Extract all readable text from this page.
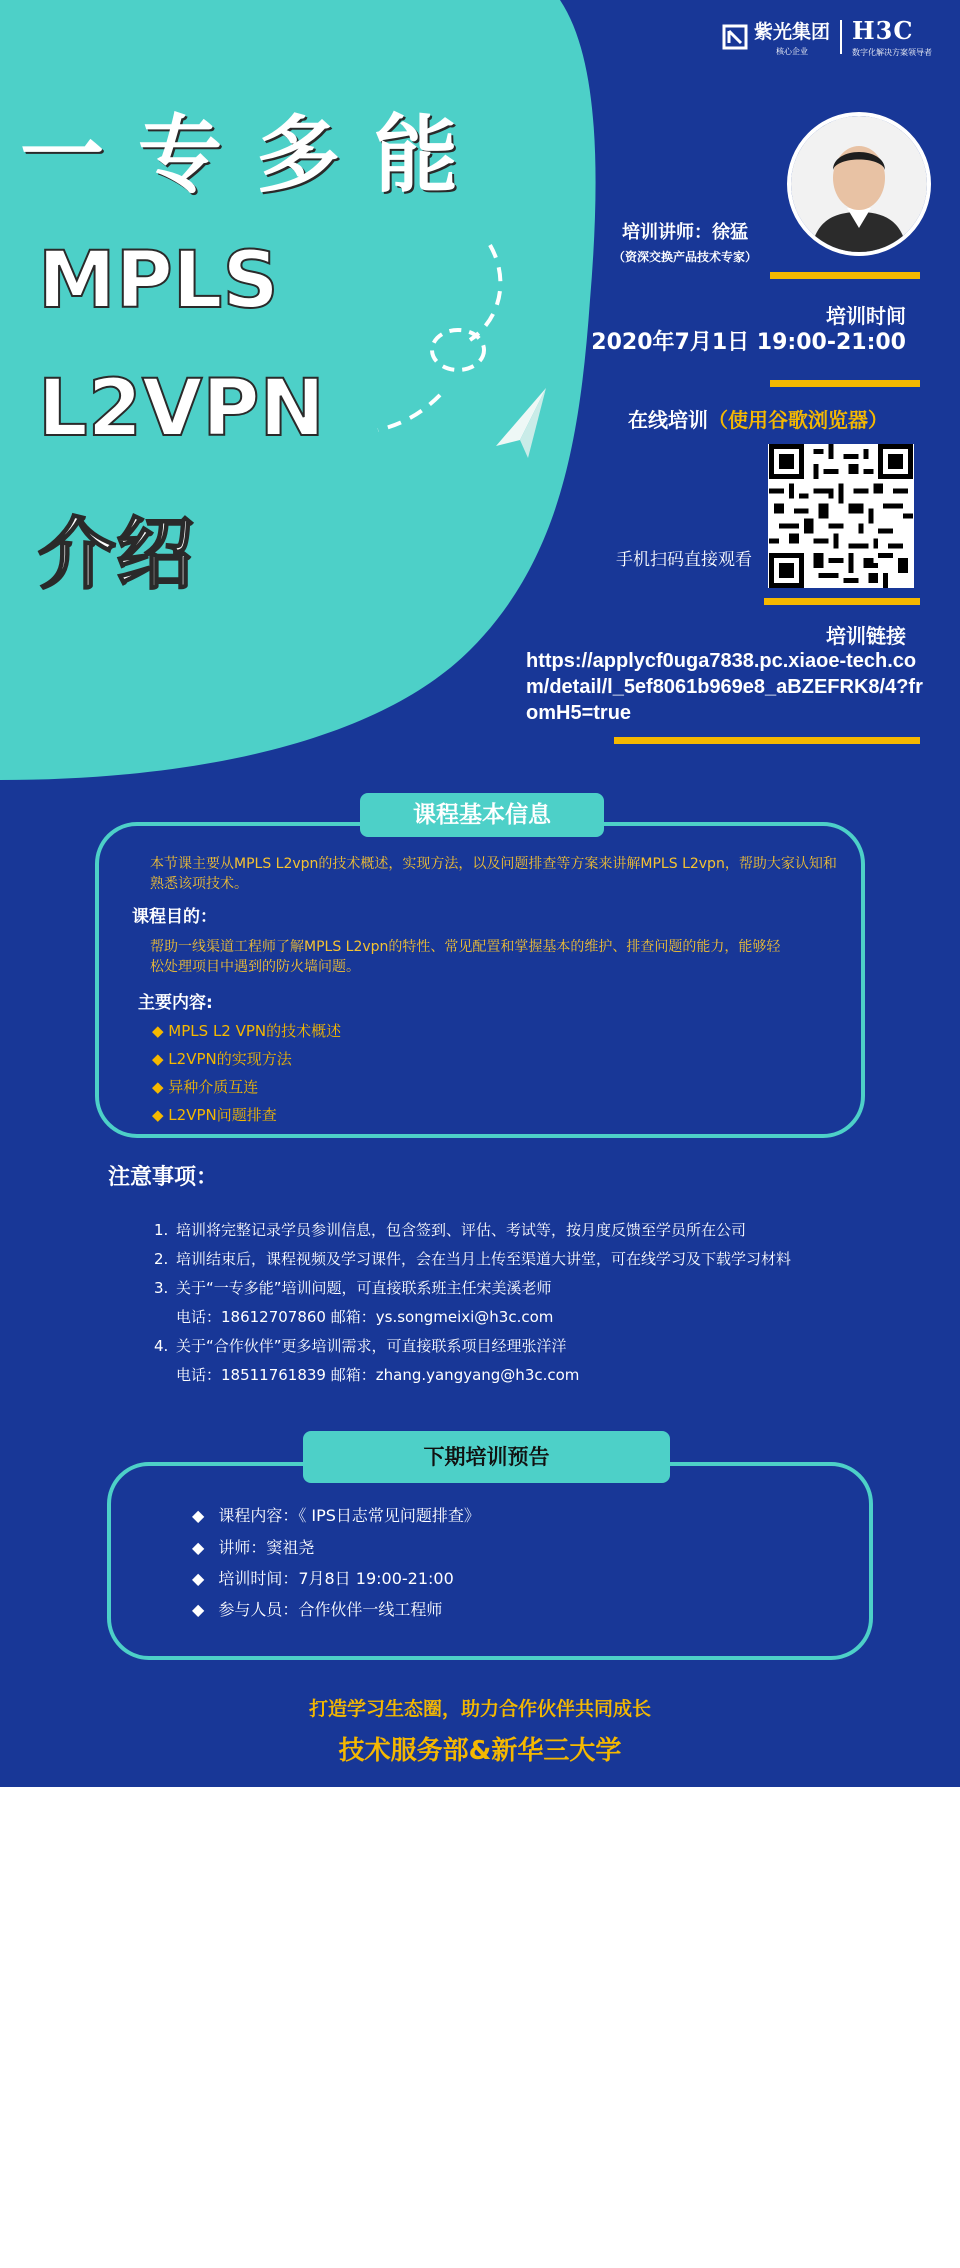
紫光集团
核心企业
H3C
数字化解决方案领导者
一专多能
MPLS
L2VPN
介绍
培训讲师：徐猛
（资深交换产品技术专家）
培训时间
2020年7月1日 19:00-21:00
在线培训（使用谷歌浏览器）
手机扫码直接观看
培训链接
https://applycf0uga7838.pc.xiaoe-tech.com/detail/l_5ef8061b969e8_aBZEFRK8/4?fromH5=true
课程基本信息
本节课主要从MPLS L2vpn的技术概述，实现方法，以及问题排查等方案来讲解MPLS L2vpn，帮助大家认知和熟悉该项技术。
课程目的：
帮助一线渠道工程师了解MPLS L2vpn的特性、常见配置和掌握基本的维护、排查问题的能力，能够轻松处理项目中遇到的防火墙问题。
主要内容:
◆ MPLS L2 VPN的技术概述
◆ L2VPN的实现方法
◆ 异种介质互连
◆ L2VPN问题排查
注意事项：
1. 培训将完整记录学员参训信息，包含签到、评估、考试等，按月度反馈至学员所在公司
2. 培训结束后，课程视频及学习课件，会在当月上传至渠道大讲堂，可在线学习及下载学习材料
3. 关于“一专多能”培训问题，可直接联系班主任宋美溪老师
电话：18612707860 邮箱：ys.songmeixi@h3c.com
4. 关于“合作伙伴”更多培训需求，可直接联系项目经理张洋洋
电话：18511761839 邮箱：zhang.yangyang@h3c.com
下期培训预告
◆ 课程内容：《 IPS日志常见问题排查》
◆ 讲师：窦祖尧
◆ 培训时间：7月8日 19:00-21:00
◆ 参与人员：合作伙伴一线工程师
打造学习生态圈，助力合作伙伴共同成长
技术服务部&新华三大学
